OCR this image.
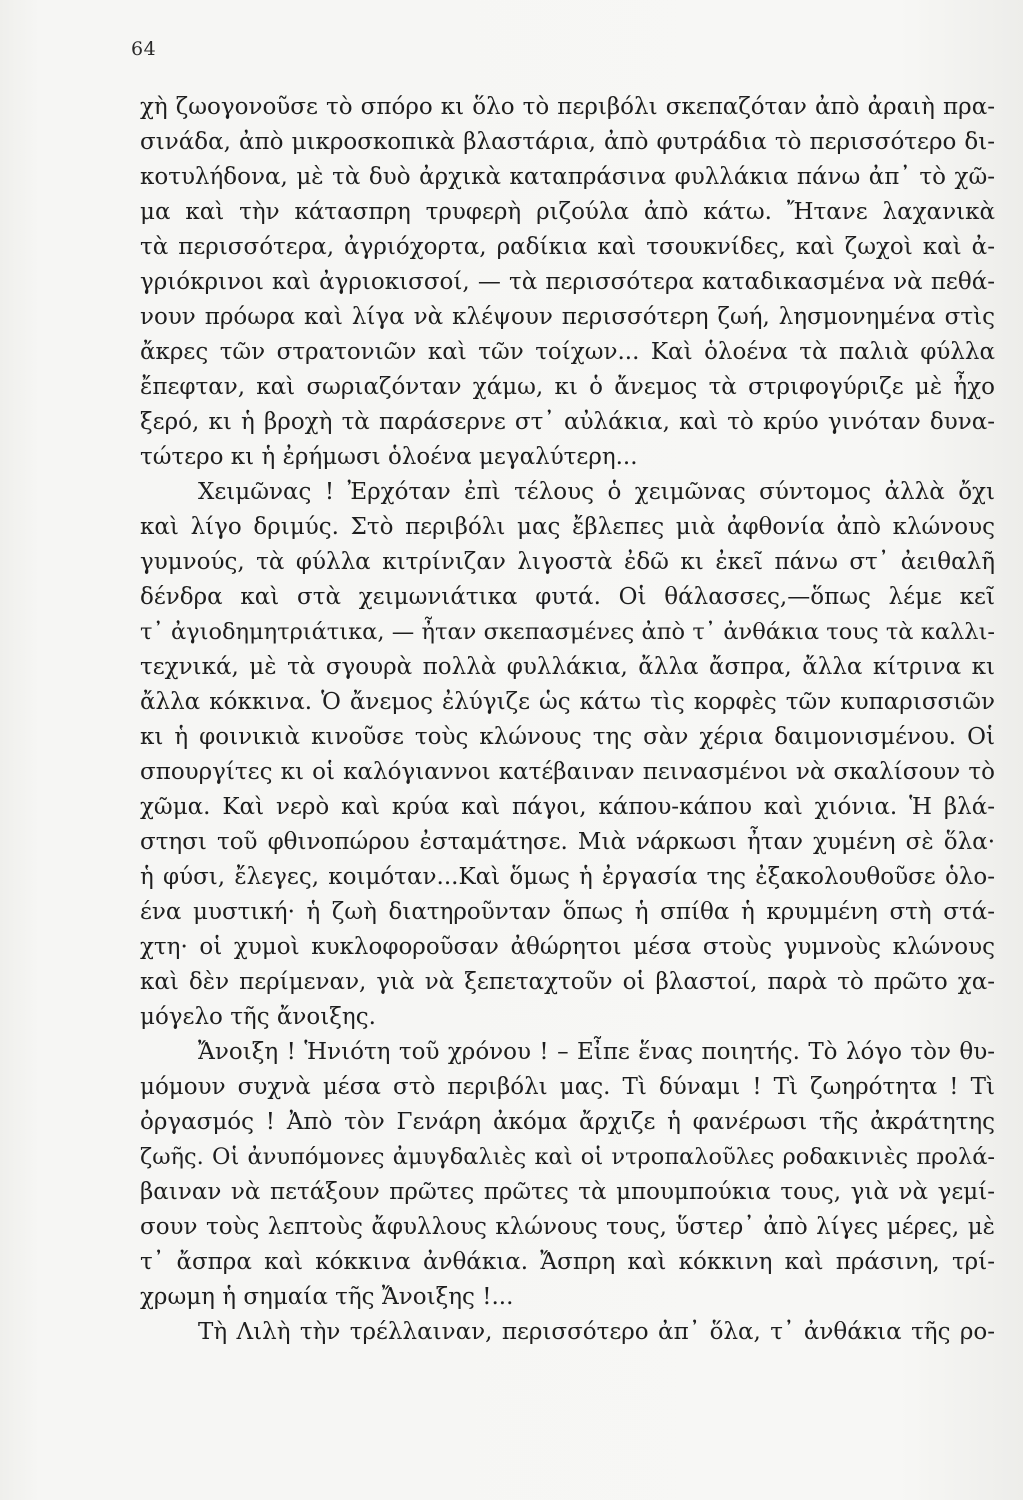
64
χὴ ζωογονοῦσε τὸ σπόρο κι ὅλο τὸ περιβόλι σκεπαζόταν ἀπὸ ἀραιὴ πρα-
σινάδα, ἀπὸ μικροσκοπικὰ βλαστάρια, ἀπὸ φυτράδια τὸ περισσότερο δι-
κοτυλήδονα, μὲ τὰ δυὸ ἀρχικὰ καταπράσινα φυλλάκια πάνω ἀπ᾽ τὸ χῶ-
μα καὶ τὴν κάτασπρη τρυφερὴ ριζούλα ἀπὸ κάτω. Ἤτανε λαχανικὰ
τὰ περισσότερα, ἀγριόχορτα, ραδίκια καὶ τσουκνίδες, καὶ ζωχοὶ καὶ ἀ-
γριόκρινοι καὶ ἀγριοκισσοί, — τὰ περισσότερα καταδικασμένα νὰ πεθά-
νουν πρόωρα καὶ λίγα νὰ κλέψουν περισσότερη ζωή, λησμονημένα στὶς
ἄκρες τῶν στρατονιῶν καὶ τῶν τοίχων... Καὶ ὁλοένα τὰ παλιὰ φύλλα
ἔπεφταν, καὶ σωριαζόνταν χάμω, κι ὁ ἄνεμος τὰ στριφογύριζε μὲ ἦχο
ξερό, κι ἡ βροχὴ τὰ παράσερνε στ᾽ αὐλάκια, καὶ τὸ κρύο γινόταν δυνα-
τώτερο κι ἡ ἐρήμωσι ὁλοένα μεγαλύτερη...
Χειμῶνας ! Ἐρχόταν ἐπὶ τέλους ὁ χειμῶνας σύντομος ἀλλὰ ὄχι
καὶ λίγο δριμύς. Στὸ περιβόλι μας ἔβλεπες μιὰ ἀφθονία ἀπὸ κλώνους
γυμνούς, τὰ φύλλα κιτρίνιζαν λιγοστὰ ἐδῶ κι ἐκεῖ πάνω στ᾽ ἀειθαλῆ
δένδρα καὶ στὰ χειμωνιάτικα φυτά. Οἱ θάλασσες,—ὅπως λέμε κεῖ
τ᾽ ἀγιοδημητριάτικα, — ἦταν σκεπασμένες ἀπὸ τ᾽ ἀνθάκια τους τὰ καλλι-
τεχνικά, μὲ τὰ σγουρὰ πολλὰ φυλλάκια, ἄλλα ἄσπρα, ἄλλα κίτρινα κι
ἄλλα κόκκινα. Ὁ ἄνεμος ἐλύγιζε ὡς κάτω τὶς κορφὲς τῶν κυπαρισσιῶν
κι ἡ φοινικιὰ κινοῦσε τοὺς κλώνους της σὰν χέρια δαιμονισμένου. Οἱ
σπουργίτες κι οἱ καλόγιαννοι κατέβαιναν πεινασμένοι νὰ σκαλίσουν τὸ
χῶμα. Καὶ νερὸ καὶ κρύα καὶ πάγοι, κάπου-κάπου καὶ χιόνια. Ἡ βλά-
στησι τοῦ φθινοπώρου ἐσταμάτησε. Μιὰ νάρκωσι ἦταν χυμένη σὲ ὅλα·
ἡ φύσι, ἔλεγες, κοιμόταν...Καὶ ὅμως ἡ ἐργασία της ἐξακολουθοῦσε ὁλο-
ένα μυστική· ἡ ζωὴ διατηροῦνταν ὅπως ἡ σπίθα ἡ κρυμμένη στὴ στά-
χτη· οἱ χυμοὶ κυκλοφοροῦσαν ἀθώρητοι μέσα στοὺς γυμνοὺς κλώνους
καὶ δὲν περίμεναν, γιὰ νὰ ξεπεταχτοῦν οἱ βλαστοί, παρὰ τὸ πρῶτο χα-
μόγελο τῆς ἄνοιξης.
Ἄνοιξη ! Ἡνιότη τοῦ χρόνου ! – Εἶπε ἕνας ποιητής. Τὸ λόγο τὸν θυ-
μόμουν συχνὰ μέσα στὸ περιβόλι μας. Τὶ δύναμι ! Τὶ ζωηρότητα ! Τὶ
ὀργασμός ! Ἀπὸ τὸν Γενάρη ἀκόμα ἄρχιζε ἡ φανέρωσι τῆς ἀκράτητης
ζωῆς. Οἱ ἀνυπόμονες ἀμυγδαλιὲς καὶ οἱ ντροπαλοῦλες ροδακινιὲς προλά-
βαιναν νὰ πετάξουν πρῶτες πρῶτες τὰ μπουμπούκια τους, γιὰ νὰ γεμί-
σουν τοὺς λεπτοὺς ἄφυλλους κλώνους τους, ὕστερ᾽ ἀπὸ λίγες μέρες, μὲ
τ᾽ ἄσπρα καὶ κόκκινα ἀνθάκια. Ἄσπρη καὶ κόκκινη καὶ πράσινη, τρί-
χρωμη ἡ σημαία τῆς Ἄνοιξης !...
Τὴ Λιλὴ τὴν τρέλλαιναν, περισσότερο ἀπ᾽ ὅλα, τ᾽ ἀνθάκια τῆς ρο-
